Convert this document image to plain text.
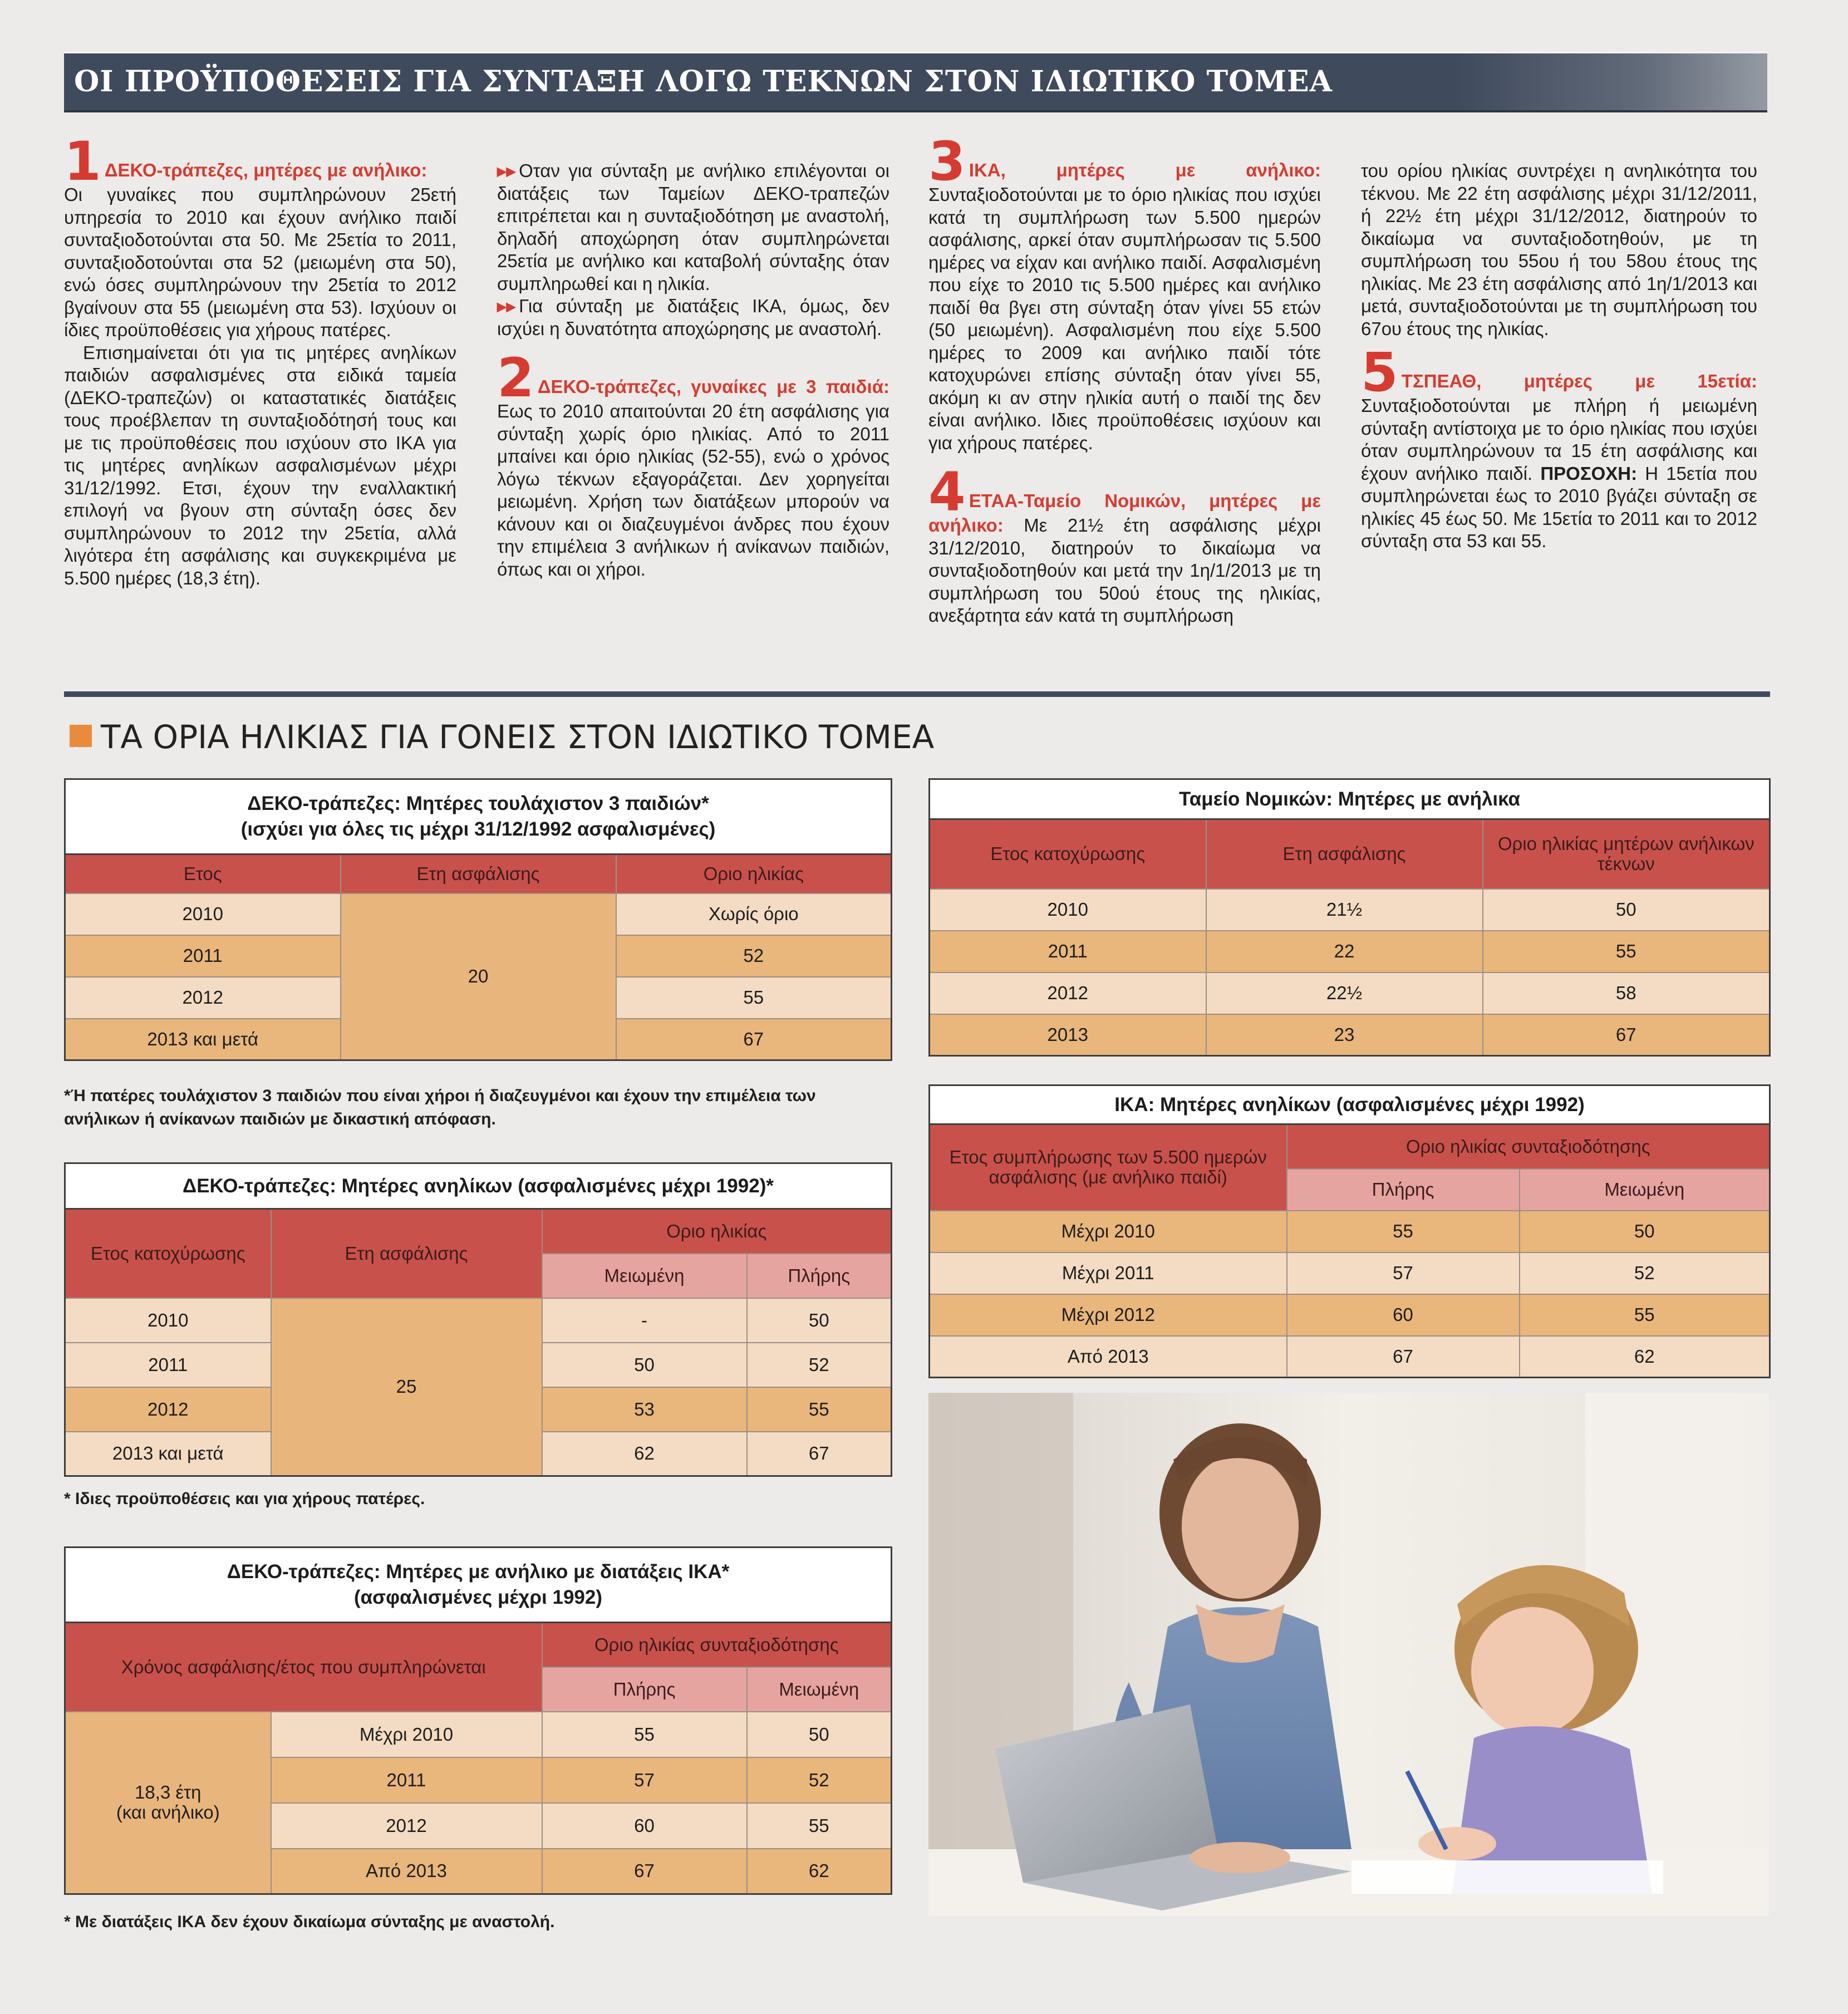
ΟΙ ΠΡΟΫΠΟΘΕΣΕΙΣ ΓΙΑ ΣΥΝΤΑΞΗ ΛΟΓΩ ΤΕΚΝΩΝ ΣΤΟΝ ΙΔΙΩΤΙΚΟ ΤΟΜΕΑ

1 ΔΕΚΟ-τράπεζες, μητέρες με ανήλικο:

Οι γυναίκες που συμπληρώνουν 25ετή υπηρεσία το 2010 και έχουν ανήλικο παιδί συνταξιοδοτούνται στα 50. Με 25ετία το 2011, συνταξιοδοτούνται στα 52 (μειωμένη στα 50), ενώ όσες συμπληρώνουν την 25ετία το 2012 βγαίνουν στα 55 (μειωμένη στα 53). Ισχύουν οι ίδιες προϋποθέσεις για χήρους πατέρες.

Επισημαίνεται ότι για τις μητέρες ανηλίκων παιδιών ασφαλισμένες στα ειδικά ταμεία (ΔΕΚΟ-τραπεζών) οι καταστατικές διατάξεις τους προέβλεπαν τη συνταξιοδότησή τους και με τις προϋποθέσεις που ισχύουν στο ΙΚΑ για τις μητέρες ανηλίκων ασφαλισμένων μέχρι 31/12/1992. Ετσι, έχουν την εναλλακτική επιλογή να βγουν στη σύνταξη όσες δεν συμπληρώνουν το 2012 την 25ετία, αλλά λιγότερα έτη ασφάλισης και συγκεκριμένα με 5.500 ημέρες (18,3 έτη).

▸▸ Οταν για σύνταξη με ανήλικο επιλέγονται οι διατάξεις των Ταμείων ΔΕΚΟ-τραπεζών επιτρέπεται και η συνταξιοδότηση με αναστολή, δηλαδή αποχώρηση όταν συμπληρώνεται 25ετία με ανήλικο και καταβολή σύνταξης όταν συμπληρωθεί και η ηλικία.

▸▸ Για σύνταξη με διατάξεις ΙΚΑ, όμως, δεν ισχύει η δυνατότητα αποχώρησης με αναστολή.

2 ΔΕΚΟ-τράπεζες, γυναίκες με 3 παιδιά: Εως το 2010 απαιτούνται 20 έτη ασφάλισης για σύνταξη χωρίς όριο ηλικίας. Από το 2011 μπαίνει και όριο ηλικίας (52-55), ενώ ο χρόνος λόγω τέκνων εξαγοράζεται. Δεν χορηγείται μειωμένη. Χρήση των διατάξεων μπορούν να κάνουν και οι διαζευγμένοι άνδρες που έχουν την επιμέλεια 3 ανήλικων ή ανίκανων παιδιών, όπως και οι χήροι.

3 ΙΚΑ, μητέρες με ανήλικο: Συνταξιοδοτούνται με το όριο ηλικίας που ισχύει κατά τη συμπλήρωση των 5.500 ημερών ασφάλισης, αρκεί όταν συμπλήρωσαν τις 5.500 ημέρες να είχαν και ανήλικο παιδί. Ασφαλισμένη που είχε το 2010 τις 5.500 ημέρες και ανήλικο παιδί θα βγει στη σύνταξη όταν γίνει 55 ετών (50 μειωμένη). Ασφαλισμένη που είχε 5.500 ημέρες το 2009 και ανήλικο παιδί τότε κατοχυρώνει επίσης σύνταξη όταν γίνει 55, ακόμη κι αν στην ηλικία αυτή ο παιδί της δεν είναι ανήλικο. Ιδιες προϋποθέσεις ισχύουν και για χήρους πατέρες.

4 ΕΤΑΑ-Ταμείο Νομικών, μητέρες με ανήλικο: Με 21½ έτη ασφάλισης μέχρι 31/12/2010, διατηρούν το δικαίωμα να συνταξιοδοτηθούν και μετά την 1η/1/2013 με τη συμπλήρωση του 50ού έτους της ηλικίας, ανεξάρτητα εάν κατά τη συμπλήρωση

του ορίου ηλικίας συντρέχει η ανηλικότητα του τέκνου. Με 22 έτη ασφάλισης μέχρι 31/12/2011, ή 22½ έτη μέχρι 31/12/2012, διατηρούν το δικαίωμα να συνταξιοδοτηθούν, με τη συμπλήρωση του 55ου ή του 58ου έτους της ηλικίας. Με 23 έτη ασφάλισης από 1η/1/2013 και μετά, συνταξιοδοτούνται με τη συμπλήρωση του 67ου έτους της ηλικίας.

5 ΤΣΠΕΑΘ, μητέρες με 15ετία: Συνταξιοδοτούνται με πλήρη ή μειωμένη σύνταξη αντίστοιχα με το όριο ηλικίας που ισχύει όταν συμπληρώνουν τα 15 έτη ασφάλισης και έχουν ανήλικο παιδί. ΠΡΟΣΟΧΗ: Η 15ετία που συμπληρώνεται έως το 2010 βγάζει σύνταξη σε ηλικίες 45 έως 50. Με 15ετία το 2011 και το 2012 σύνταξη στα 53 και 55.

ΤΑ ΟΡΙΑ ΗΛΙΚΙΑΣ ΓΙΑ ΓΟΝΕΙΣ ΣΤΟΝ ΙΔΙΩΤΙΚΟ ΤΟΜΕΑ
ΔΕΚΟ-τράπεζες: Μητέρες τουλάχιστον 3 παιδιών*
(ισχύει για όλες τις μέχρι 31/12/1992 ασφαλισμένες)		
Ετος	Ετη ασφάλισης	Οριο ηλικίας
2010	20	Χωρίς όριο
2011		52
2012		55
2013 και μετά		67
*Ή πατέρες τουλάχιστον 3 παιδιών που είναι χήροι ή διαζευγμένοι και έχουν την επιμέλεια των ανήλικων ή ανίκανων παιδιών με δικαστική απόφαση.
ΔΕΚΟ-τράπεζες: Μητέρες ανηλίκων (ασφαλισμένες μέχρι 1992)*			
Ετος κατοχύρωσης	Ετη ασφάλισης	Οριο ηλικίας	
		Μειωμένη	Πλήρης
2010	25	-	50
2011		50	52
2012		53	55
2013 και μετά		62	67
* Ιδιες προϋποθέσεις και για χήρους πατέρες.
ΔΕΚΟ-τράπεζες: Μητέρες με ανήλικο με διατάξεις ΙΚΑ*
(ασφαλισμένες μέχρι 1992)			
Χρόνος ασφάλισης/έτος που συμπληρώνεται		Οριο ηλικίας συνταξιοδότησης	
		Πλήρης	Μειωμένη
18,3 έτη
(και ανήλικο)	Μέχρι 2010	55	50
	2011	57	52
	2012	60	55
	Από 2013	67	62
* Με διατάξεις ΙΚΑ δεν έχουν δικαίωμα σύνταξης με αναστολή.
Ταμείο Νομικών: Μητέρες με ανήλικα		
Ετος κατοχύρωσης	Ετη ασφάλισης	Οριο ηλικίας μητέρων ανήλικων τέκνων
2010	21½	50
2011	22	55
2012	22½	58
2013	23	67
ΙΚΑ: Μητέρες ανηλίκων (ασφαλισμένες μέχρι 1992)		
Ετος συμπλήρωσης των 5.500 ημερών ασφάλισης (με ανήλικο παιδί)	Οριο ηλικίας συνταξιοδότησης	
	Πλήρης	Μειωμένη
Μέχρι 2010	55	50
Μέχρι 2011	57	52
Μέχρι 2012	60	55
Από 2013	67	62
